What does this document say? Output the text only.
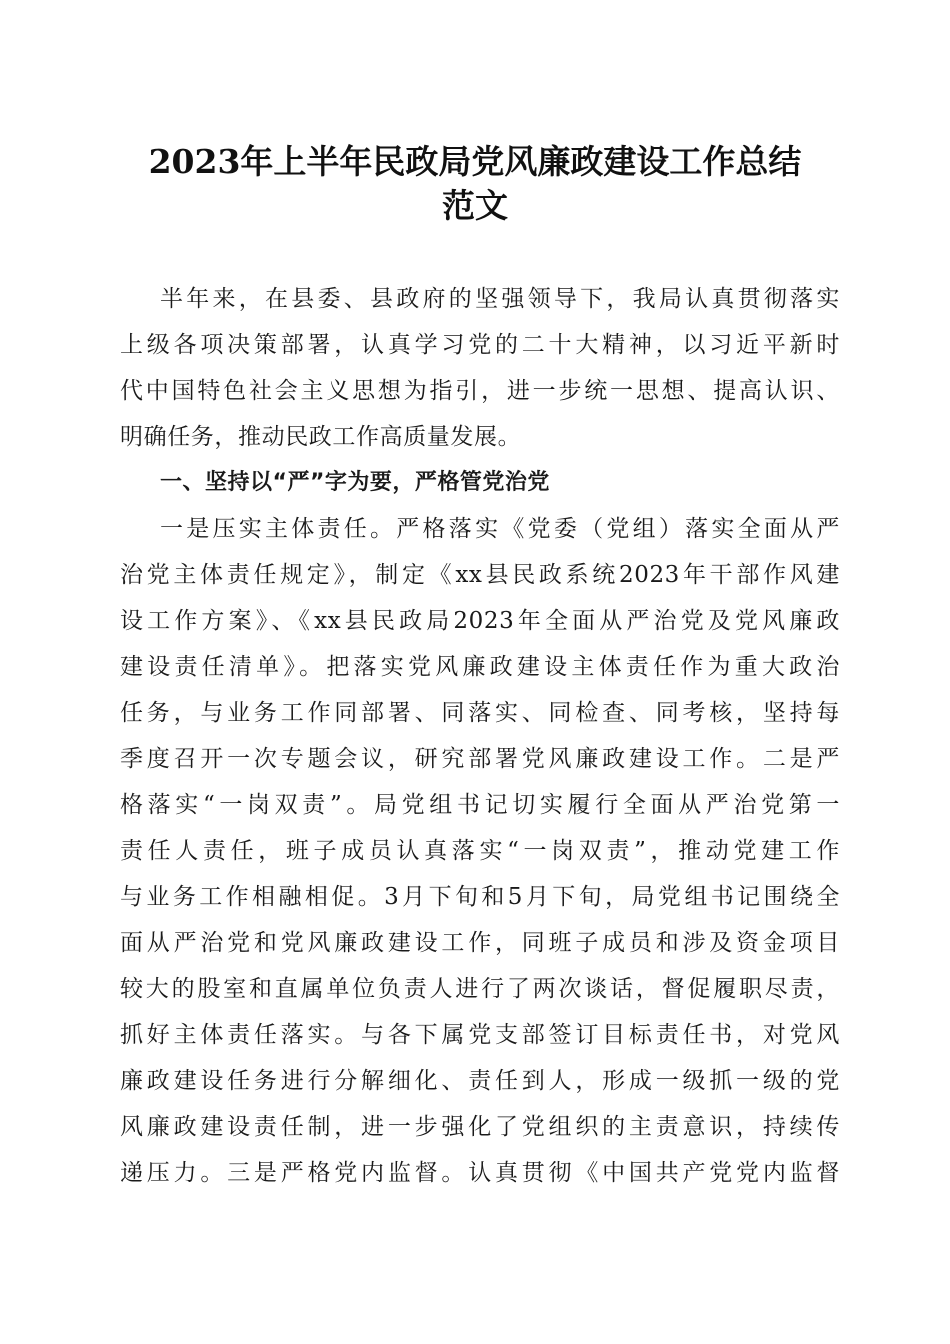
2023年上半年民政局党风廉政建设工作总结
范文
半年来，在县委、县政府的坚强领导下，我局认真贯彻落实
上级各项决策部署，认真学习党的二十大精神，以习近平新时
代中国特色社会主义思想为指引，进一步统一思想、提高认识、
明确任务，推动民政工作高质量发展。
一、坚持以“严”字为要，严格管党治党
一是压实主体责任。严格落实《党委（党组）落实全面从严
治党主体责任规定》，制定《xx县民政系统2023年干部作风建
设工作方案》、《xx县民政局2023年全面从严治党及党风廉政
建设责任清单》。把落实党风廉政建设主体责任作为重大政治
任务，与业务工作同部署、同落实、同检查、同考核，坚持每
季度召开一次专题会议，研究部署党风廉政建设工作。二是严
格落实“一岗双责”。局党组书记切实履行全面从严治党第一
责任人责任，班子成员认真落实“一岗双责”，推动党建工作
与业务工作相融相促。3月下旬和5月下旬，局党组书记围绕全
面从严治党和党风廉政建设工作，同班子成员和涉及资金项目
较大的股室和直属单位负责人进行了两次谈话，督促履职尽责，
抓好主体责任落实。与各下属党支部签订目标责任书，对党风
廉政建设任务进行分解细化、责任到人，形成一级抓一级的党
风廉政建设责任制，进一步强化了党组织的主责意识，持续传
递压力。三是严格党内监督。认真贯彻《中国共产党党内监督
